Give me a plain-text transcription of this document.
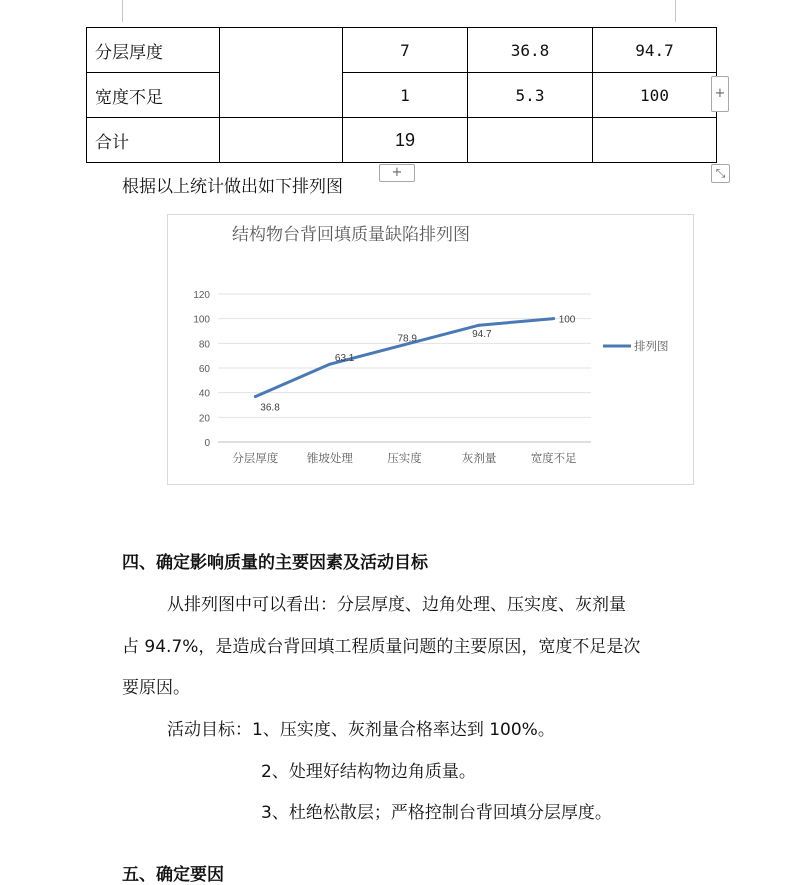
分层厚度		7	36.8	94.7
宽度不足		1	5.3	100
合计		19		
+
+	⤡
根据以上统计做出如下排列图
结构物台背回填质量缺陷排列图
0
20
40
60
80
100
120
分层厚度 锥坡处理	压实度	灰剂量	宽度不足
36.8
63.1
78.9	94.7
100
排列图
四、确定影响质量的主要因素及活动目标
从排列图中可以看出：分层厚度、边角处理、压实度、灰剂量
占 94.7%，是造成台背回填工程质量问题的主要原因，宽度不足是次
要原因。
活动目标：1、压实度、灰剂量合格率达到 100%。
2、处理好结构物边角质量。
3、杜绝松散层；严格控制台背回填分层厚度。
五、确定要因
